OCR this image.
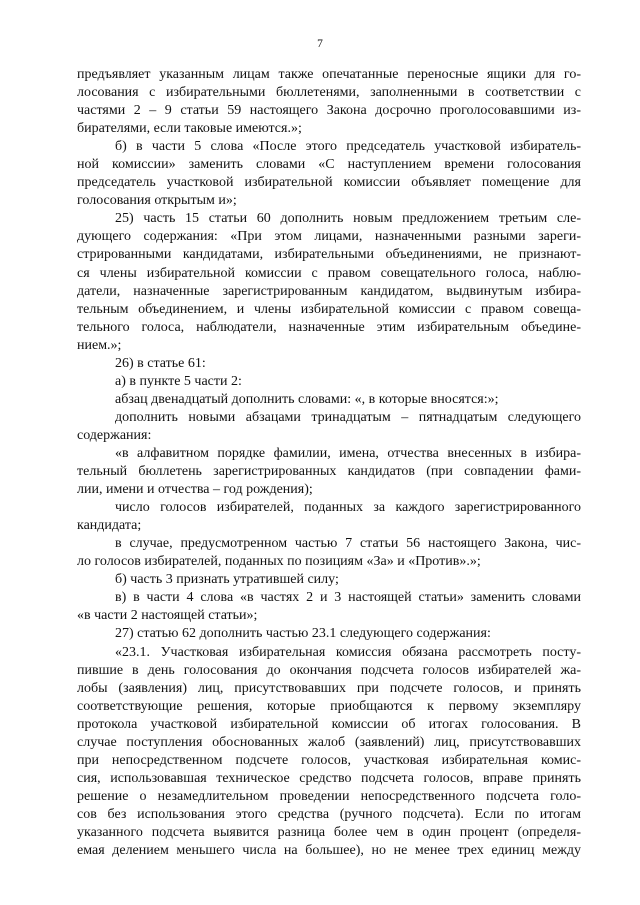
7

предъявляет указанным лицам также опечатанные переносные ящики для го-
лосования с избирательными бюллетенями, заполненными в соответствии с
частями 2 – 9 статьи 59 настоящего Закона досрочно проголосовавшими из-
бирателями, если таковые имеются.»;

б) в части 5 слова «После этого председатель участковой избиратель-
ной комиссии» заменить словами «С наступлением времени голосования
председатель участковой избирательной комиссии объявляет помещение для
голосования открытым и»;

25) часть 15 статьи 60 дополнить новым предложением третьим сле-
дующего содержания: «При этом лицами, назначенными разными зареги-
стрированными кандидатами, избирательными объединениями, не признают-
ся члены избирательной комиссии с правом совещательного голоса, наблю-
датели, назначенные зарегистрированным кандидатом, выдвинутым избира-
тельным объединением, и члены избирательной комиссии с правом совеща-
тельного голоса, наблюдатели, назначенные этим избирательным объедине-
нием.»;

26) в статье 61:

а) в пункте 5 части 2:

абзац двенадцатый дополнить словами: «, в которые вносятся:»;

дополнить новыми абзацами тринадцатым – пятнадцатым следующего
содержания:

«в алфавитном порядке фамилии, имена, отчества внесенных в избира-
тельный бюллетень зарегистрированных кандидатов (при совпадении фами-
лии, имени и отчества – год рождения);

число голосов избирателей, поданных за каждого зарегистрированного
кандидата;

в случае, предусмотренном частью 7 статьи 56 настоящего Закона, чис-
ло голосов избирателей, поданных по позициям «За» и «Против».»;

б) часть 3 признать утратившей силу;

в) в части 4 слова «в частях 2 и 3 настоящей статьи» заменить словами
«в части 2 настоящей статьи»;

27) статью 62 дополнить частью 23.1 следующего содержания:

«23.1. Участковая избирательная комиссия обязана рассмотреть посту-
пившие в день голосования до окончания подсчета голосов избирателей жа-
лобы (заявления) лиц, присутствовавших при подсчете голосов, и принять
соответствующие решения, которые приобщаются к первому экземпляру
протокола участковой избирательной комиссии об итогах голосования. В
случае поступления обоснованных жалоб (заявлений) лиц, присутствовавших
при непосредственном подсчете голосов, участковая избирательная комис-
сия, использовавшая техническое средство подсчета голосов, вправе принять
решение о незамедлительном проведении непосредственного подсчета голо-
сов без использования этого средства (ручного подсчета). Если по итогам
указанного подсчета выявится разница более чем в один процент (определя-
емая делением меньшего числа на большее), но не менее трех единиц между
